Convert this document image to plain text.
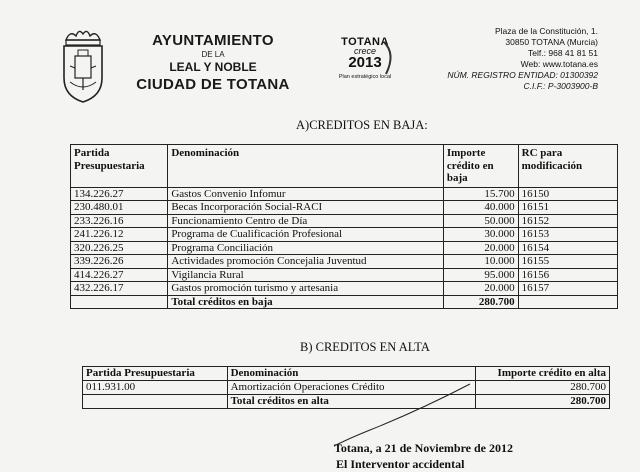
AYUNTAMIENTO
DE LA
LEAL Y NOBLE
CIUDAD DE TOTANA
TOTANA
crece
2013
Plan estratégico local
Plaza de la Constitución, 1.
30850 TOTANA (Murcia)
Telf.: 968 41 81 51
Web: www.totana.es
NÚM. REGISTRO ENTIDAD: 01300392
C.I.F.: P-3003900-B
A)CREDITOS EN BAJA:
Partida Presupuestaria	Denominación	Importe crédito en baja	RC para modificación
134.226.27	Gastos Convenio Infomur	15.700	16150
230.480.01	Becas Incorporación Social-RACI	40.000	16151
233.226.16	Funcionamiento Centro de Día	50.000	16152
241.226.12	Programa de Cualificación Profesional	30.000	16153
320.226.25	Programa Conciliación	20.000	16154
339.226.26	Actividades promoción Concejalia Juventud	10.000	16155
414.226.27	Vigilancia Rural	95.000	16156
432.226.17	Gastos promoción turismo y artesania	20.000	16157
	Total créditos en baja	280.700	
B) CREDITOS EN ALTA
Partida Presupuestaria	Denominación	Importe crédito en alta
011.931.00	Amortización Operaciones Crédito	280.700
	Total créditos en alta	280.700
Totana, a 21 de Noviembre de 2012
El Interventor accidental
